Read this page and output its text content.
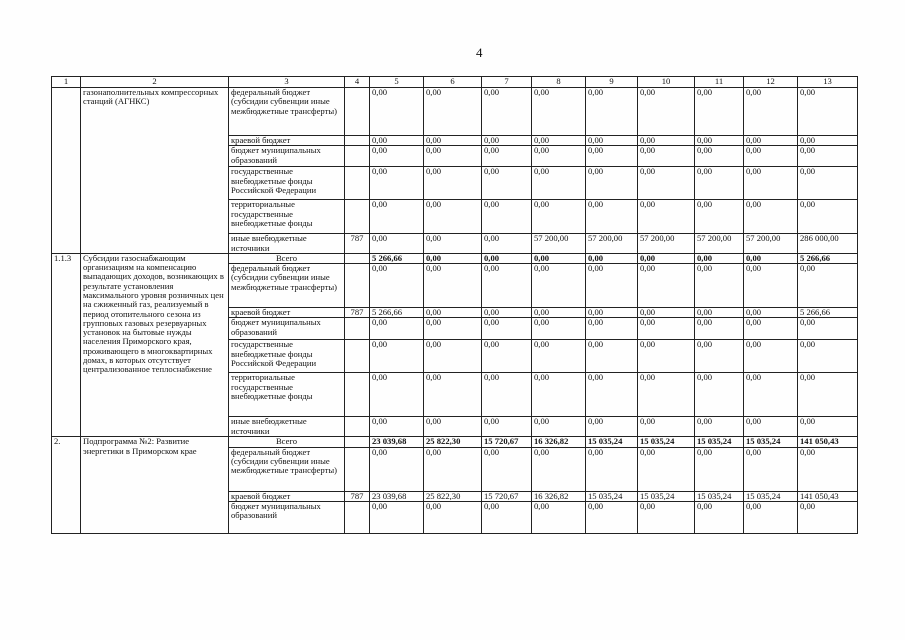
4
1	2	3	4	5	6	7	8	9	10	11	12	13
	газонаполнительных компрессорных станций (АГНКС)	федеральный бюджет (субсидии субвенции иные межбюджетные трансферты)		0,00	0,00	0,00	0,00	0,00	0,00	0,00	0,00	0,00
		краевой бюджет		0,00	0,00	0,00	0,00	0,00	0,00	0,00	0,00	0,00
		бюджет муниципальных образований		0,00	0,00	0,00	0,00	0,00	0,00	0,00	0,00	0,00
		государственные внебюджетные фонды Российской Федерации		0,00	0,00	0,00	0,00	0,00	0,00	0,00	0,00	0,00
		территориальные государственные внебюджетные фонды		0,00	0,00	0,00	0,00	0,00	0,00	0,00	0,00	0,00
		иные внебюджетные источники	787	0,00	0,00	0,00	57 200,00	57 200,00	57 200,00	57 200,00	57 200,00	286 000,00
1.1.3	Субсидии газоснабжающим организациям на компенсацию выпадающих доходов, возникающих в результате установления максимального уровня розничных цен на сжиженный газ, реализуемый в период отопительного сезона из групповых газовых резервуарных установок на бытовые нужды населения Приморского края, проживающего в многоквартирных домах, в которых отсутствует централизованное теплоснабжение	Всего		5 266,66	0,00	0,00	0,00	0,00	0,00	0,00	0,00	5 266,66
		федеральный бюджет (субсидии субвенции иные межбюджетные трансферты)		0,00	0,00	0,00	0,00	0,00	0,00	0,00	0,00	0,00
		краевой бюджет	787	5 266,66	0,00	0,00	0,00	0,00	0,00	0,00	0,00	5 266,66
		бюджет муниципальных образований		0,00	0,00	0,00	0,00	0,00	0,00	0,00	0,00	0,00
		государственные внебюджетные фонды Российской Федерации		0,00	0,00	0,00	0,00	0,00	0,00	0,00	0,00	0,00
		территориальные государственные внебюджетные фонды		0,00	0,00	0,00	0,00	0,00	0,00	0,00	0,00	0,00
		иные внебюджетные источники		0,00	0,00	0,00	0,00	0,00	0,00	0,00	0,00	0,00
2.	Подпрограмма №2: Развитие энергетики в Приморском крае	Всего		23 039,68	25 822,30	15 720,67	16 326,82	15 035,24	15 035,24	15 035,24	15 035,24	141 050,43
		федеральный бюджет (субсидии субвенции иные межбюджетные трансферты)		0,00	0,00	0,00	0,00	0,00	0,00	0,00	0,00	0,00
		краевой бюджет	787	23 039,68	25 822,30	15 720,67	16 326,82	15 035,24	15 035,24	15 035,24	15 035,24	141 050,43
		бюджет муниципальных образований		0,00	0,00	0,00	0,00	0,00	0,00	0,00	0,00	0,00
